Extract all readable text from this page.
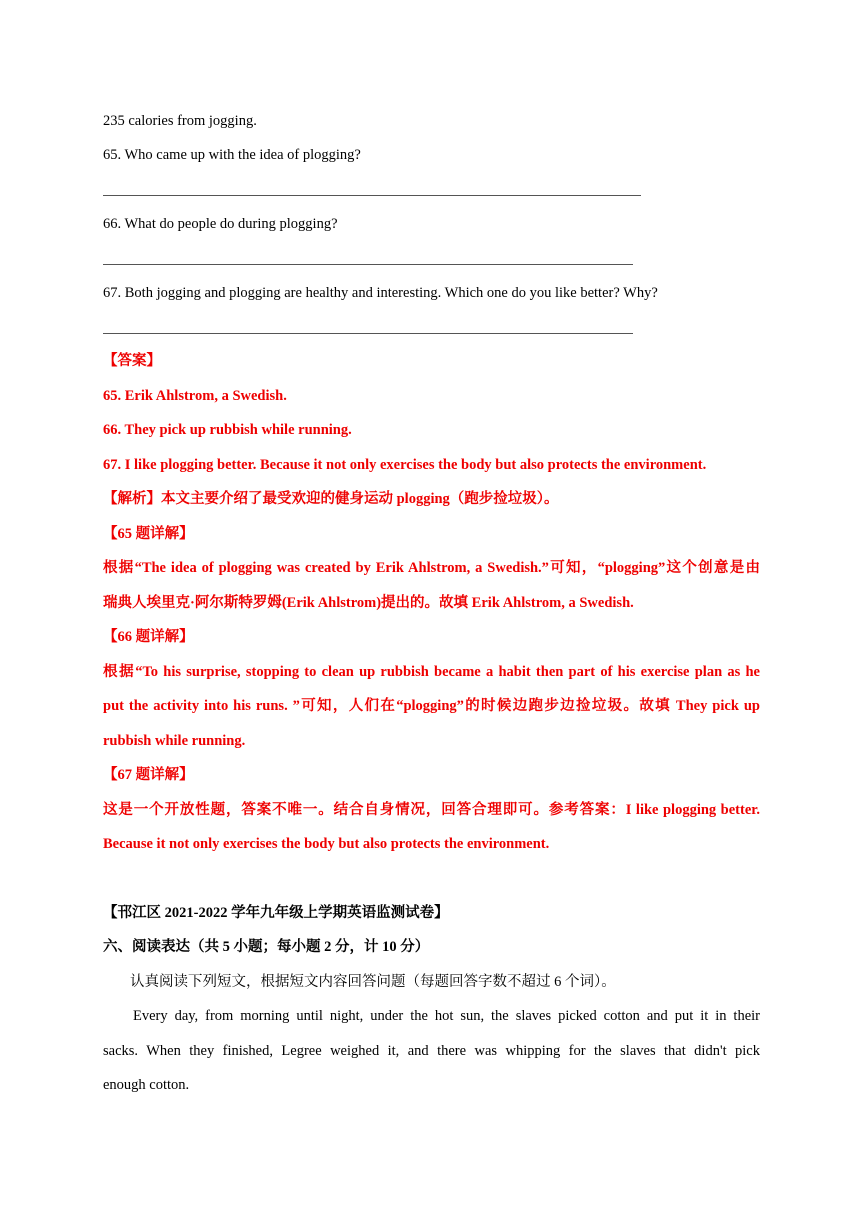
235 calories from jogging.
65. Who came up with the idea of plogging?
66. What do people do during plogging?
67. Both jogging and plogging are healthy and interesting. Which one do you like better? Why?
【答案】
65. Erik Ahlstrom, a Swedish.
66. They pick up rubbish while running.
67. I like plogging better. Because it not only exercises the body but also protects the environment.
【解析】本文主要介绍了最受欢迎的健身运动 plogging（跑步捡垃圾）。
【65 题详解】
根据“The idea of plogging was created by Erik Ahlstrom, a Swedish.”可知，“plogging”这个创意是由
瑞典人埃里克·阿尔斯特罗姆(Erik Ahlstrom)提出的。故填 Erik Ahlstrom, a Swedish.
【66 题详解】
根据“To his surprise, stopping to clean up rubbish became a habit then part of his exercise plan as he
put the activity into his runs. ”可知，人们在“plogging”的时候边跑步边捡垃圾。故填 They pick up
rubbish while running.
【67 题详解】
这是一个开放性题，答案不唯一。结合自身情况，回答合理即可。参考答案：I like plogging better.
Because it not only exercises the body but also protects the environment.
【邗江区 2021-2022 学年九年级上学期英语监测试卷】
六、阅读表达（共 5 小题；每小题 2 分，计 10 分）
认真阅读下列短文，根据短文内容回答问题（每题回答字数不超过 6 个词）。
Every day, from morning until night, under the hot sun, the slaves picked cotton and put it in their
sacks. When they finished, Legree weighed it, and there was whipping for the slaves that didn't pick
enough cotton.
